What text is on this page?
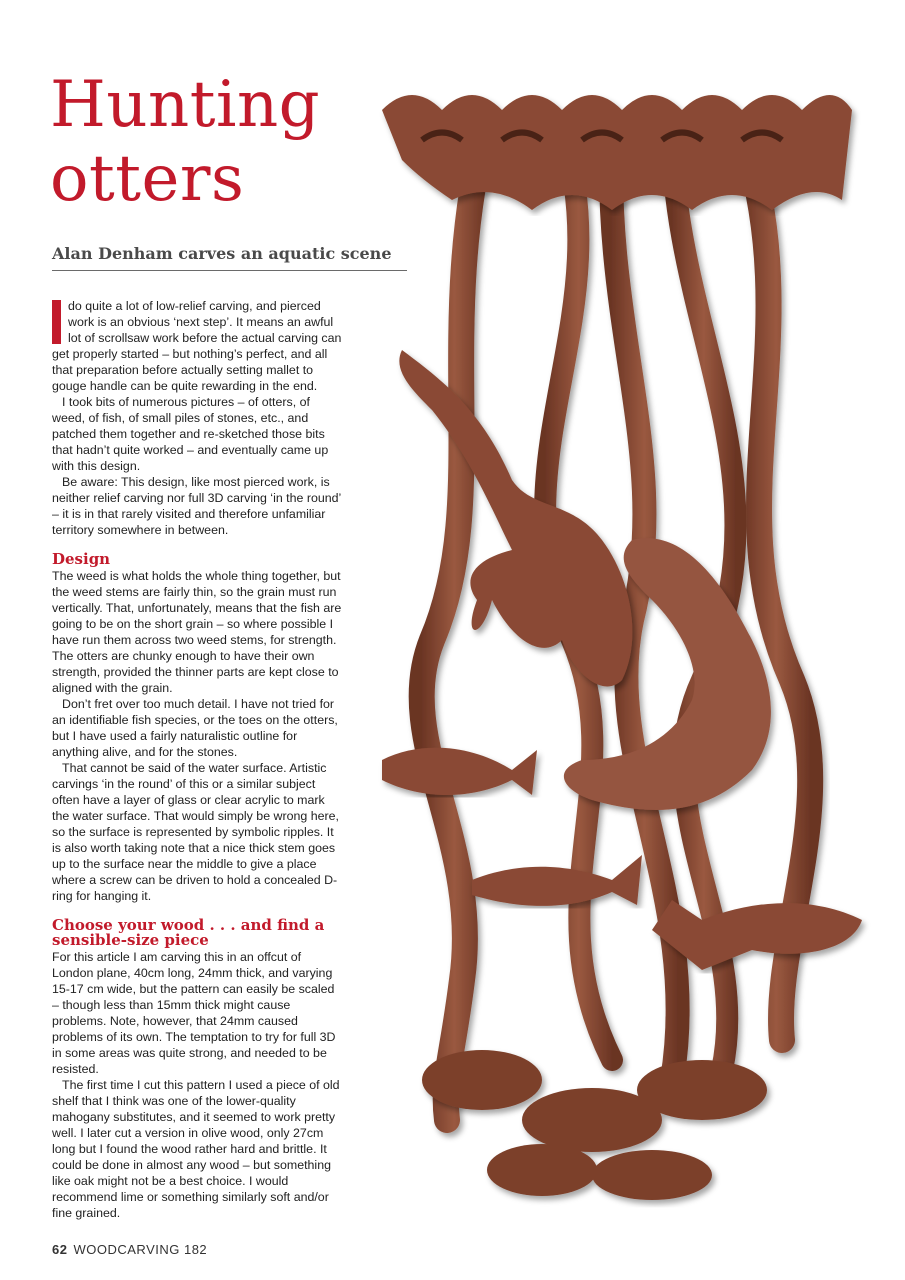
Hunting otters
Alan Denham carves an aquatic scene

do quite a lot of low-relief carving, and pierced work is an obvious ‘next step’. It means an awful lot of scrollsaw work before the actual carving can get properly started – but nothing’s perfect, and all that preparation before actually setting mallet to gouge handle can be quite rewarding in the end.

I took bits of numerous pictures – of otters, of weed, of fish, of small piles of stones, etc., and patched them together and re-sketched those bits that hadn’t quite worked – and eventually came up with this design.

Be aware: This design, like most pierced work, is neither relief carving nor full 3D carving ‘in the round’ – it is in that rarely visited and therefore unfamiliar territory somewhere in between.

Design

The weed is what holds the whole thing together, but the weed stems are fairly thin, so the grain must run vertically. That, unfortunately, means that the fish are going to be on the short grain – so where possible I have run them across two weed stems, for strength. The otters are chunky enough to have their own strength, provided the thinner parts are kept close to aligned with the grain.

Don’t fret over too much detail. I have not tried for an identifiable fish species, or the toes on the otters, but I have used a fairly naturalistic outline for anything alive, and for the stones.

That cannot be said of the water surface. Artistic carvings ‘in the round’ of this or a similar subject often have a layer of glass or clear acrylic to mark the water surface. That would simply be wrong here, so the surface is represented by symbolic ripples. It is also worth taking note that a nice thick stem goes up to the surface near the middle to give a place where a screw can be driven to hold a concealed D-ring for hanging it.

Choose your wood . . . and find a sensible-size piece

For this article I am carving this in an offcut of London plane, 40cm long, 24mm thick, and varying 15-17 cm wide, but the pattern can easily be scaled – though less than 15mm thick might cause problems. Note, however, that 24mm caused problems of its own. The temptation to try for full 3D in some areas was quite strong, and needed to be resisted.

The first time I cut this pattern I used a piece of old shelf that I think was one of the lower-quality mahogany substitutes, and it seemed to work pretty well. I later cut a version in olive wood, only 27cm long but I found the wood rather hard and brittle. It could be done in almost any wood – but something like oak might not be a best choice. I would recommend lime or something similarly soft and/or fine grained.

62 WOODCARVING 182
